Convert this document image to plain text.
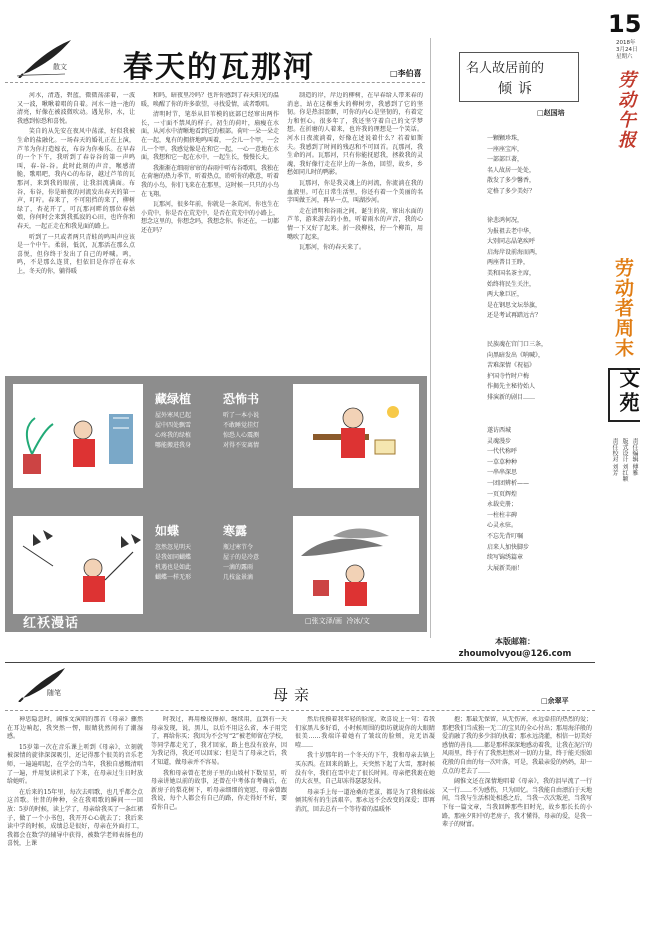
散文 春天的瓦那河	□李伯喜

河水，清透，碧蓝，微微荡漾着，一波又一波，啾啾着唱的自着。河水一池一池的清亮，好像在被波微吹动。遇见你，水，让我感到惊恐和喜悦。

笑自的从先安在夜风中荡漾，好似我被生命的盐融化。一场春天的婚礼正在上演，芦苇为你打造嫁衣，布谷为你奏乐。在早春的一个下午，我听到了春谷谷的第一声鸣叫，春-谷-谷。此时此刻的声音，喉感清脆，歌唱吧，我内心的布谷，越过芦苇的瓦那河，来到我的眼前，让我泪流满面。布谷，布谷，你是暗夜的河流发出春天的第一声，叮咛。春来了，不可阻挡的来了，柳树绿了，杏花开了，可瓦那河畔的那位春姑娘，你何时会来到我孤寂的心田，也许你和春天，一起正走在和我见面的路上。

听到了一只或者两只青蛙的鸣叫声应该是一个中午。柔弱，低沉，瓦那活在那么点喜悦，但你终于发出了自己的呼喊。鸣，鸣，不是那么连贯，但依旧是你浮在春水上，冬天的你，躺得暖

和吗，暗夜里冷吗？也许你感到了春天阳光的温暖，唤醒了你的许多欲望，寻找爱情，或者歌唱。

清明时节，笔举从旧苇模的底部已经窜出两作长，一寸面不禁风的样子。初生的荷叶，扇瘦在水面，从河水中清晰地看到它的根部。荷叶一朵一朵走在一起，鬼有的拥挤地鸣叫着，一会儿一个甲，一会儿一个甲。我感觉像是在和它一起，一心一意地在水面，我想和它一起在水中，一起生长，慢慢长大。

我渐渐在细雨帘帘的春雨中听布谷歌唱，我独在在荷塘的热力季节，听着热点，聆听你的敬意，听着我的小鸟，你们飞来在在那里，这时候一只只的小鸟在飞翔。

瓦那河，很多年前，你就是一条荒河，你也生在小荒中，你是否在荒芜中，是否在荒芜中的小路上，想念这里的，你想念吗，我想念你。你还在，一切都还在吗？

制造的岸，岸边的柳树，在早春给人带来春的消息，站在这棵垂大的柳树旁，我感到了它的坚韧。你是热泪盈眶，可你的内心是坚韧的，有着定力和恒心。很多年了，我还坚守着自己的文学梦想。在折磨的人着来，也许我的理想是一个笑话。河水日夜流淌着，好像在述说着什么？若着如斯夫。我感到了时间的残忍和不可回首。瓦那河，我生命的河。瓦那河，只有你能抚慰我，拯救我的灵魂，我好像行走在岸上的一条鱼，回望，故乡，乡愁如同儿时的鸭影。

瓦那河，你是我灵魂上的河流，你流淌在我的血液里。可在日常生活里，你还有着一个美丽的名字叫做王河，再早一点，叫湖沙河。

走在清明和谷雨之间，诞生的荷，窜出水面的芦苇，游来游去的小鱼，听着雨水的声音，我的心情一下又好了起来。折一段柳枝，拧一个柳笛，用嘴吹了起来。

瓦那河，你的春天来了。

名人故居前的
倾诉
□赵国培
一颗颗珍珠，
一座座宝库，
一部部巨著，
名人故居一处处，
散发了多少馨香，
定格了多少美好？
徐悲鸿何况，
为报祖去老中华，
大别同志晶笔疾呼
启海岸设前海而两，
两座普目王睁，
美和国名茶主席，
始终将民生关注，
两大象巨匠，
是在钢思文坛举旗，
还是考试再踏远古？
民族魂在宫门口三条，
向黑暗发出《呐喊》，
苦难深情《祝福》
护国寺竹时户梅
作揭先主秘待始人
排演新的剧目……
遂访西城
灵魂漫步
一代代称呼
一草草种种
一串串深思
一团团辨析——
一页页辉煌
永载史册；
一柱柱丰碑
心灵永驻。
不忘先背叮嘱
启来人加快脚步
续写锦绣篇章
大展新美丽！
15
2018年
3月24日
星期六
劳动午报
劳动者周末
文苑
责任编辑 傅雅
版式设计 刘红颖
责任校对 刘芳
藏绿植
屋外寒风已起
屋中四处飘雪
心疼我的绿植
哪能搬进我身
恐怖书
听了一本小说
不敢睡觉挂灯
惊恐人心震测
对得不安离情
如蝶
忽然忽见明天
是我如同蝴蝶
机遇也是如此
蝴蝶一样无形
寒露
瓶过寒节令
屋子的是冷意
一滴的露雨
几枝盆景滴
红袄漫话	□张文泽/画  冷冰/文
本版邮箱：
zhoumolvyou@126.com
随笔	母亲	□余翠平

神思隐忽时，阔惟文演唱的那首《母亲》骤然在耳边响起，我突然一愣，眼睛犹然间有了潮湿感。

15岁第一次在音乐课上听到《母亲》，立刻就被深情的旋律深深吸引，还记得那个很美的音乐老师，一遍遍唱起，在学会的当年，我独自感慨清唱了一遍，并用复读机录了下来，在母亲过生日时放给她听。

在后来的15年里，每次去唱歌，也几乎都会点这首歌。往昔的种种，全在我唱歌的瞬间一一回放：5岁的时候，读上学了，母亲给我买了一条红裙子，做了一个小书包，我开开心心就去了；我后来读中学的时候，成绩总是很好，母亲在外面打工，我都会在数学的辅导中获得，被数学老师表扬也的喜悦，上课

时我过，再用橡皮擦掉，继续用，直到有一天母亲发现，说，黑儿，以后不用这么省，本子用完了，再给你买；我因为不会写“2”被老师留在学校，等同学都走光了，我才回家，路上也没有放弃，因为我记得，我还可以回家；但是当了母亲之后，我才知道，做母亲并不容易。

我和母亲曾在老房子里的山坡村下数星星，听母亲讲她以前的故事，还曾在中考体育考确后，在新房子的梨花树下，听母亲细细的宽慰，母亲曾跟我说，每个人都会有自己的路，你走得好不好，要看你自己。

然后抚摸着我年轻的脸庞，欢喜说上一句：看我们家黑儿多好看，小时候周围的街坊就说你的大眼睛很美……我端详着她有了皱纹的脸颊，竟无语凝噎……

我十岁那年的一个冬天的下午，我和母亲去镇上买东西。在回来的路上，天突然下起了大雪，那时候没有伞，我们在雪中走了很长时间。母亲把我裹在她的大衣里，自己却冻得瑟瑟发抖。

母亲手上每一道沧桑的老茧，都是为了我和妹妹倾其所有的生活艰辛。那永远不会改变的深爱；即再消沉，回去总有一个等待着的温暖怀

抱；那最无保留，从无伤害，永远牵挂的热烈的爱；那把我们当成独一无二的宝贝的全心付出；那用海洋般的爱消融了我的多少泪的执着；那永远浇灌，相信一切美好感情的善良……都是那样深深地感动着我，让我在泥泞的风雨里，终于有了我然坦然对一切的力量，终于能关照如花般的自由的每一次叶落，可是，我最亲爱的妈妈，却一点点的老去了……

阔惟文还在深情地唱着《母亲》，我的泪早流了一行又一行……不为感伤，只为回忆。当我能自由漂泊于天地间，当我与生活相处相悉之后，当我一次次叛逆，当我写下每一篇文章，当我回眸那些旧时光，故乡那长长的小路，那座夕阳中的老房子，我才懂得，母亲的爱，是我一辈子的财富。
